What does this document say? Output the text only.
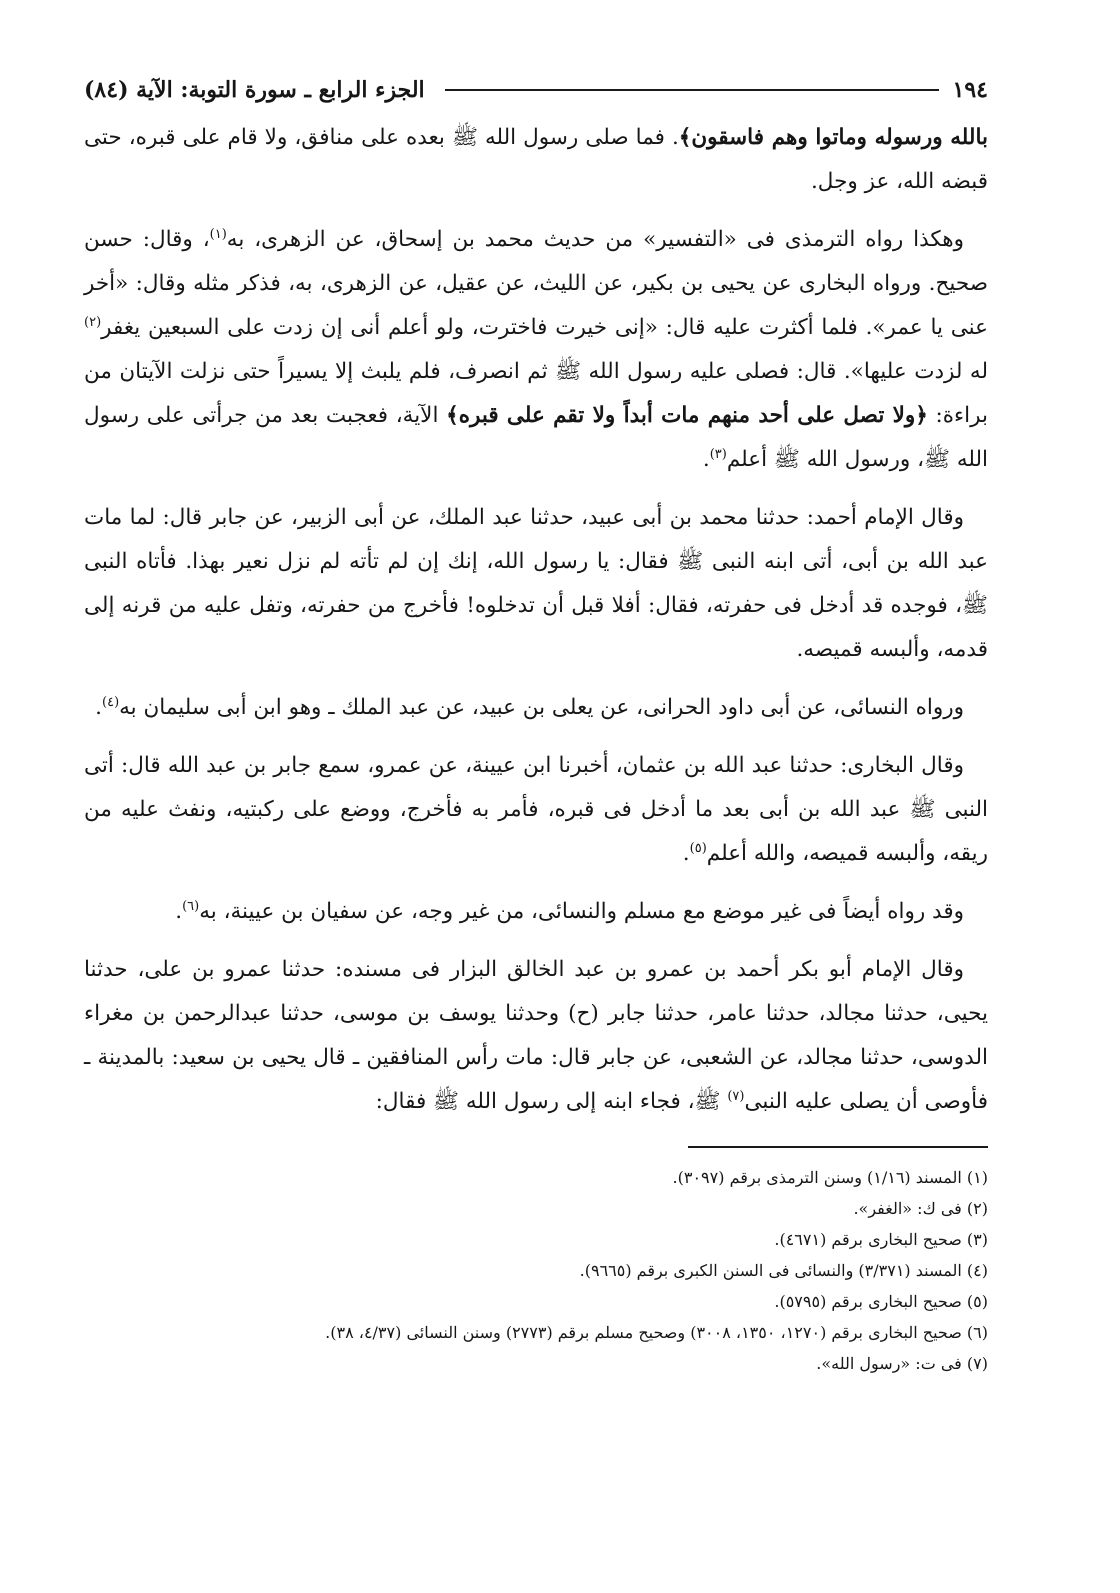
١٩٤
الجزء الرابع ـ سورة التوبة: الآية (٨٤)

بالله ورسوله وماتوا وهم فاسقون﴾. فما صلى رسول الله ﷺ بعده على منافق، ولا قام على قبره، حتى قبضه الله، عز وجل.

وهكذا رواه الترمذى فى «التفسير» من حديث محمد بن إسحاق، عن الزهرى، به$^{(١)}$، وقال: حسن صحيح. ورواه البخارى عن يحيى بن بكير، عن الليث، عن عقيل، عن الزهرى، به، فذكر مثله وقال: «أخر عنى يا عمر». فلما أكثرت عليه قال: «إنى خيرت فاخترت، ولو أعلم أنى إن زدت على السبعين يغفر$^{(٢)}$ له لزدت عليها». قال: فصلى عليه رسول الله ﷺ ثم انصرف، فلم يلبث إلا يسيراً حتى نزلت الآيتان من براءة: ﴿ولا تصل على أحد منهم مات أبداً ولا تقم على قبره﴾ الآية، فعجبت بعد من جرأتى على رسول الله ﷺ، ورسول الله ﷺ أعلم$^{(٣)}$.

وقال الإمام أحمد: حدثنا محمد بن أبى عبيد، حدثنا عبد الملك، عن أبى الزبير، عن جابر قال: لما مات عبد الله بن أبى، أتى ابنه النبى ﷺ فقال: يا رسول الله، إنك إن لم تأته لم نزل نعير بهذا. فأتاه النبى ﷺ، فوجده قد أدخل فى حفرته، فقال: أفلا قبل أن تدخلوه! فأخرج من حفرته، وتفل عليه من قرنه إلى قدمه، وألبسه قميصه.

ورواه النسائى، عن أبى داود الحرانى، عن يعلى بن عبيد، عن عبد الملك ـ وهو ابن أبى سليمان به$^{(٤)}$.

وقال البخارى: حدثنا عبد الله بن عثمان، أخبرنا ابن عيينة، عن عمرو، سمع جابر بن عبد الله قال: أتى النبى ﷺ عبد الله بن أبى بعد ما أدخل فى قبره، فأمر به فأخرج، ووضع على ركبتيه، ونفث عليه من ريقه، وألبسه قميصه، والله أعلم$^{(٥)}$.

وقد رواه أيضاً فى غير موضع مع مسلم والنسائى، من غير وجه، عن سفيان بن عيينة، به$^{(٦)}$.

وقال الإمام أبو بكر أحمد بن عمرو بن عبد الخالق البزار فى مسنده: حدثنا عمرو بن على، حدثنا يحيى، حدثنا مجالد، حدثنا عامر، حدثنا جابر (ح) وحدثنا يوسف بن موسى، حدثنا عبدالرحمن بن مغراء الدوسى، حدثنا مجالد، عن الشعبى، عن جابر قال: مات رأس المنافقين ـ قال يحيى بن سعيد: بالمدينة ـ فأوصى أن يصلى عليه النبى$^{(٧)}$ ﷺ، فجاء ابنه إلى رسول الله ﷺ فقال:

(١) المسند (١/١٦) وسنن الترمذى برقم (٣٠٩٧).

(٢) فى ك: «الغفر».

(٣) صحيح البخارى برقم (٤٦٧١).

(٤) المسند (٣/٣٧١) والنسائى فى السنن الكبرى برقم (٩٦٦٥).

(٥) صحيح البخارى برقم (٥٧٩٥).

(٦) صحيح البخارى برقم (١٢٧٠، ١٣٥٠، ٣٠٠٨) وصحيح مسلم برقم (٢٧٧٣) وسنن النسائى (٤/٣٧، ٣٨).

(٧) فى ت: «رسول الله».
